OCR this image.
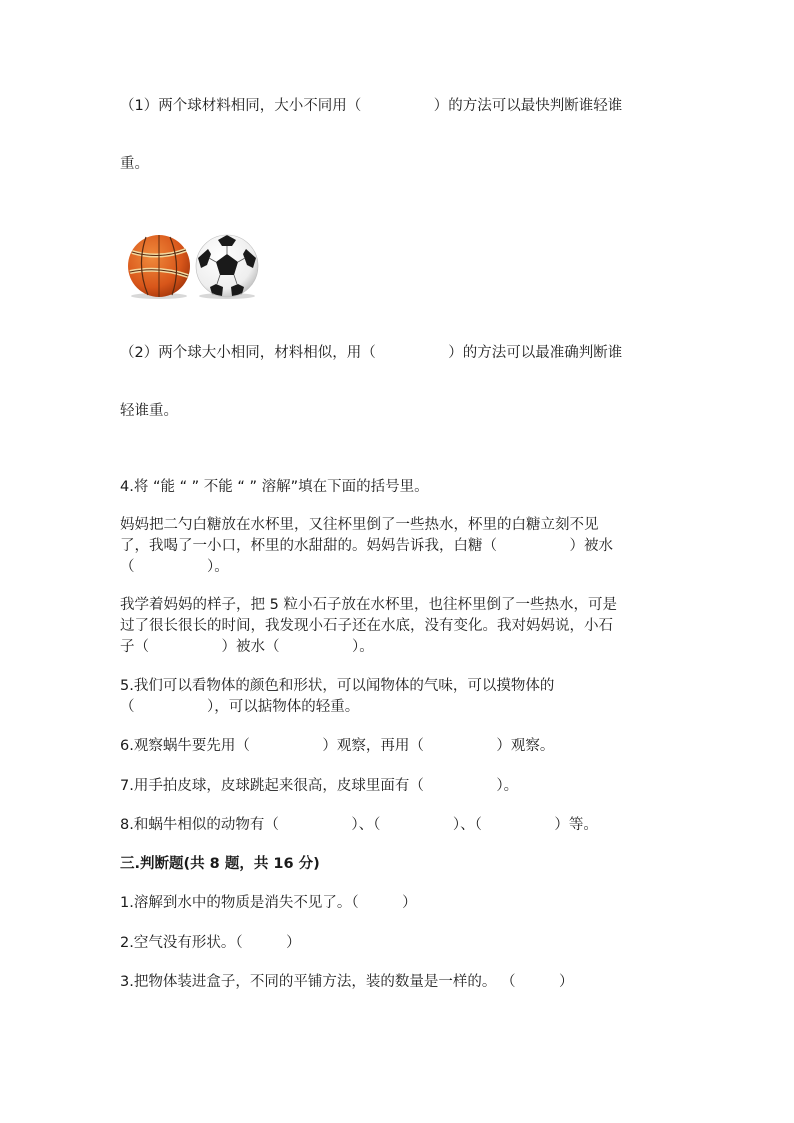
（1）两个球材料相同，大小不同用（　　　　　）的方法可以最快判断谁轻谁
重。
（2）两个球大小相同，材料相似，用（　　　　　）的方法可以最准确判断谁
轻谁重。
4.将 “能 “ ” 不能 “ ” 溶解”填在下面的括号里。
妈妈把二勺白糖放在水杯里，又往杯里倒了一些热水，杯里的白糖立刻不见
了，我喝了一小口，杯里的水甜甜的。妈妈告诉我，白糖（　　　　　）被水
（　　　　　）。
我学着妈妈的样子，把 5 粒小石子放在水杯里，也往杯里倒了一些热水，可是
过了很长很长的时间，我发现小石子还在水底，没有变化。我对妈妈说，小石
子（　　　　　）被水（　　　　　）。
5.我们可以看物体的颜色和形状，可以闻物体的气味，可以摸物体的
（　　　　　），可以掂物体的轻重。
6.观察蜗牛要先用（　　　　　）观察，再用（　　　　　）观察。
7.用手拍皮球，皮球跳起来很高，皮球里面有（　　　　　）。
8.和蜗牛相似的动物有（　　　　　）、（　　　　　）、（　　　　　）等。
三.判断题(共 8 题，共 16 分)
1.溶解到水中的物质是消失不见了。（　　　）
2.空气没有形状。（　　　）
3.把物体装进盒子，不同的平铺方法，装的数量是一样的。 （　　　）
